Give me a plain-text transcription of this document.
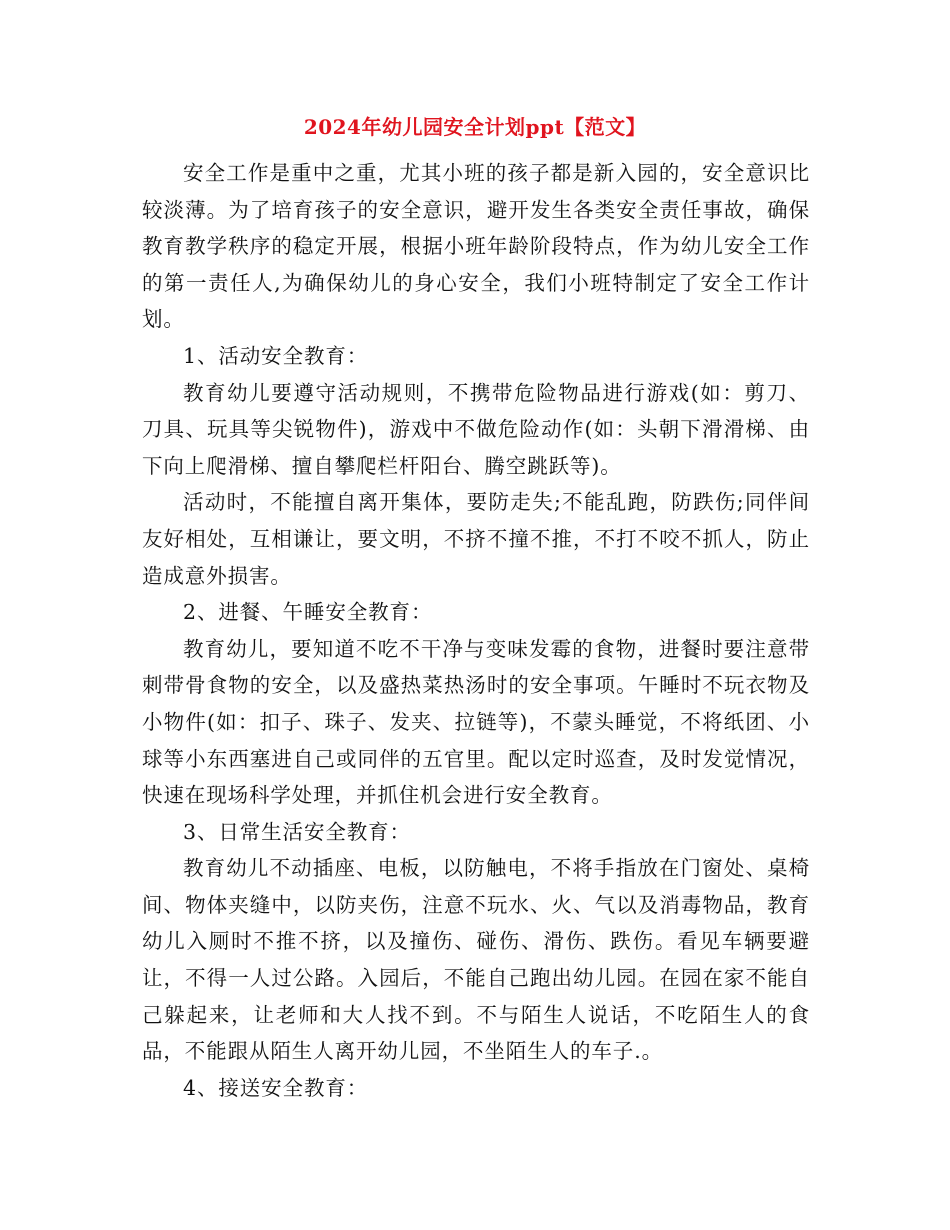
2024年幼儿园安全计划ppt【范文】

安全工作是重中之重，尤其小班的孩子都是新入园的，安全意识比较淡薄。为了培育孩子的安全意识，避开发生各类安全责任事故，确保教育教学秩序的稳定开展，根据小班年龄阶段特点，作为幼儿安全工作的第一责任人,为确保幼儿的身心安全，我们小班特制定了安全工作计划。

1、活动安全教育：

教育幼儿要遵守活动规则，不携带危险物品进行游戏(如：剪刀、刀具、玩具等尖锐物件)，游戏中不做危险动作(如：头朝下滑滑梯、由下向上爬滑梯、擅自攀爬栏杆阳台、腾空跳跃等)。

活动时，不能擅自离开集体，要防走失;不能乱跑，防跌伤;同伴间友好相处，互相谦让，要文明，不挤不撞不推，不打不咬不抓人，防止造成意外损害。

2、进餐、午睡安全教育：

教育幼儿，要知道不吃不干净与变味发霉的食物，进餐时要注意带刺带骨食物的安全，以及盛热菜热汤时的安全事项。午睡时不玩衣物及小物件(如：扣子、珠子、发夹、拉链等)，不蒙头睡觉，不将纸团、小球等小东西塞进自己或同伴的五官里。配以定时巡查，及时发觉情况，快速在现场科学处理，并抓住机会进行安全教育。

3、日常生活安全教育：

教育幼儿不动插座、电板，以防触电，不将手指放在门窗处、桌椅间、物体夹缝中，以防夹伤，注意不玩水、火、气以及消毒物品，教育幼儿入厕时不推不挤，以及撞伤、碰伤、滑伤、跌伤。看见车辆要避让，不得一人过公路。入园后，不能自己跑出幼儿园。在园在家不能自己躲起来，让老师和大人找不到。不与陌生人说话，不吃陌生人的食品，不能跟从陌生人离开幼儿园，不坐陌生人的车子.。

4、接送安全教育：
